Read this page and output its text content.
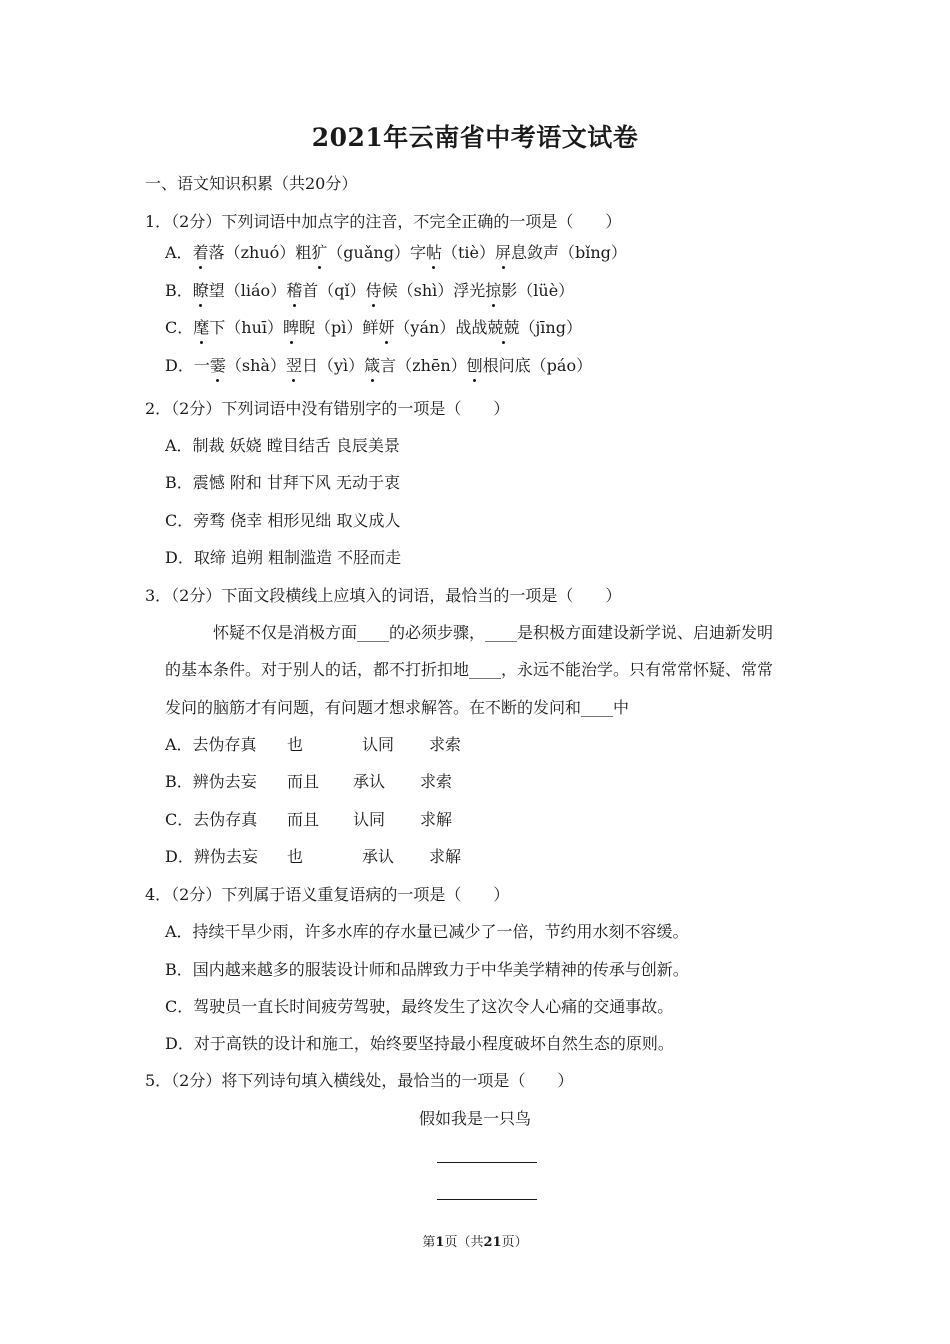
2021年云南省中考语文试卷
一、语文知识积累（共20分）
1．（2分）下列词语中加点字的注音，不完全正确的一项是（　　）
A．着落（zhuó）粗犷（guǎng）字帖（tiè）屏息敛声（bǐng）
B．瞭望（liáo）稽首（qǐ）侍候（shì）浮光掠影（lüè）
C．麾下（huī）睥睨（pì）鲜妍（yán）战战兢兢（jīng）
D．一霎（shà）翌日（yì）箴言（zhēn）刨根问底（páo）
2．（2分）下列词语中没有错别字的一项是（　　）
A．制裁 妖娆 瞠目结舌 良辰美景
B．震憾 附和 甘拜下风 无动于衷
C．旁骛 侥幸 相形见绌 取义成人
D．取缔 追朔 粗制滥造 不胫而走
3．（2分）下面文段横线上应填入的词语，最恰当的一项是（　　）
怀疑不仅是消极方面____的必须步骤，____是积极方面建设新学说、启迪新发明
的基本条件。对于别人的话，都不打折扣地____，永远不能治学。只有常常怀疑、常常
发问的脑筋才有问题，有问题才想求解答。在不断的发问和____中
A．去伪存真 也	认同 求索
B．辨伪去妄 而且 承认 求索
C．去伪存真 而且 认同 求解
D．辨伪去妄 也	承认 求解
4．（2分）下列属于语义重复语病的一项是（　　）
A．持续干旱少雨，许多水库的存水量已减少了一倍，节约用水刻不容缓。
B．国内越来越多的服装设计师和品牌致力于中华美学精神的传承与创新。
C．驾驶员一直长时间疲劳驾驶，最终发生了这次令人心痛的交通事故。
D．对于高铁的设计和施工，始终要坚持最小程度破坏自然生态的原则。
5．（2分）将下列诗句填入横线处，最恰当的一项是（　　）
假如我是一只鸟
第1页（共21页）
